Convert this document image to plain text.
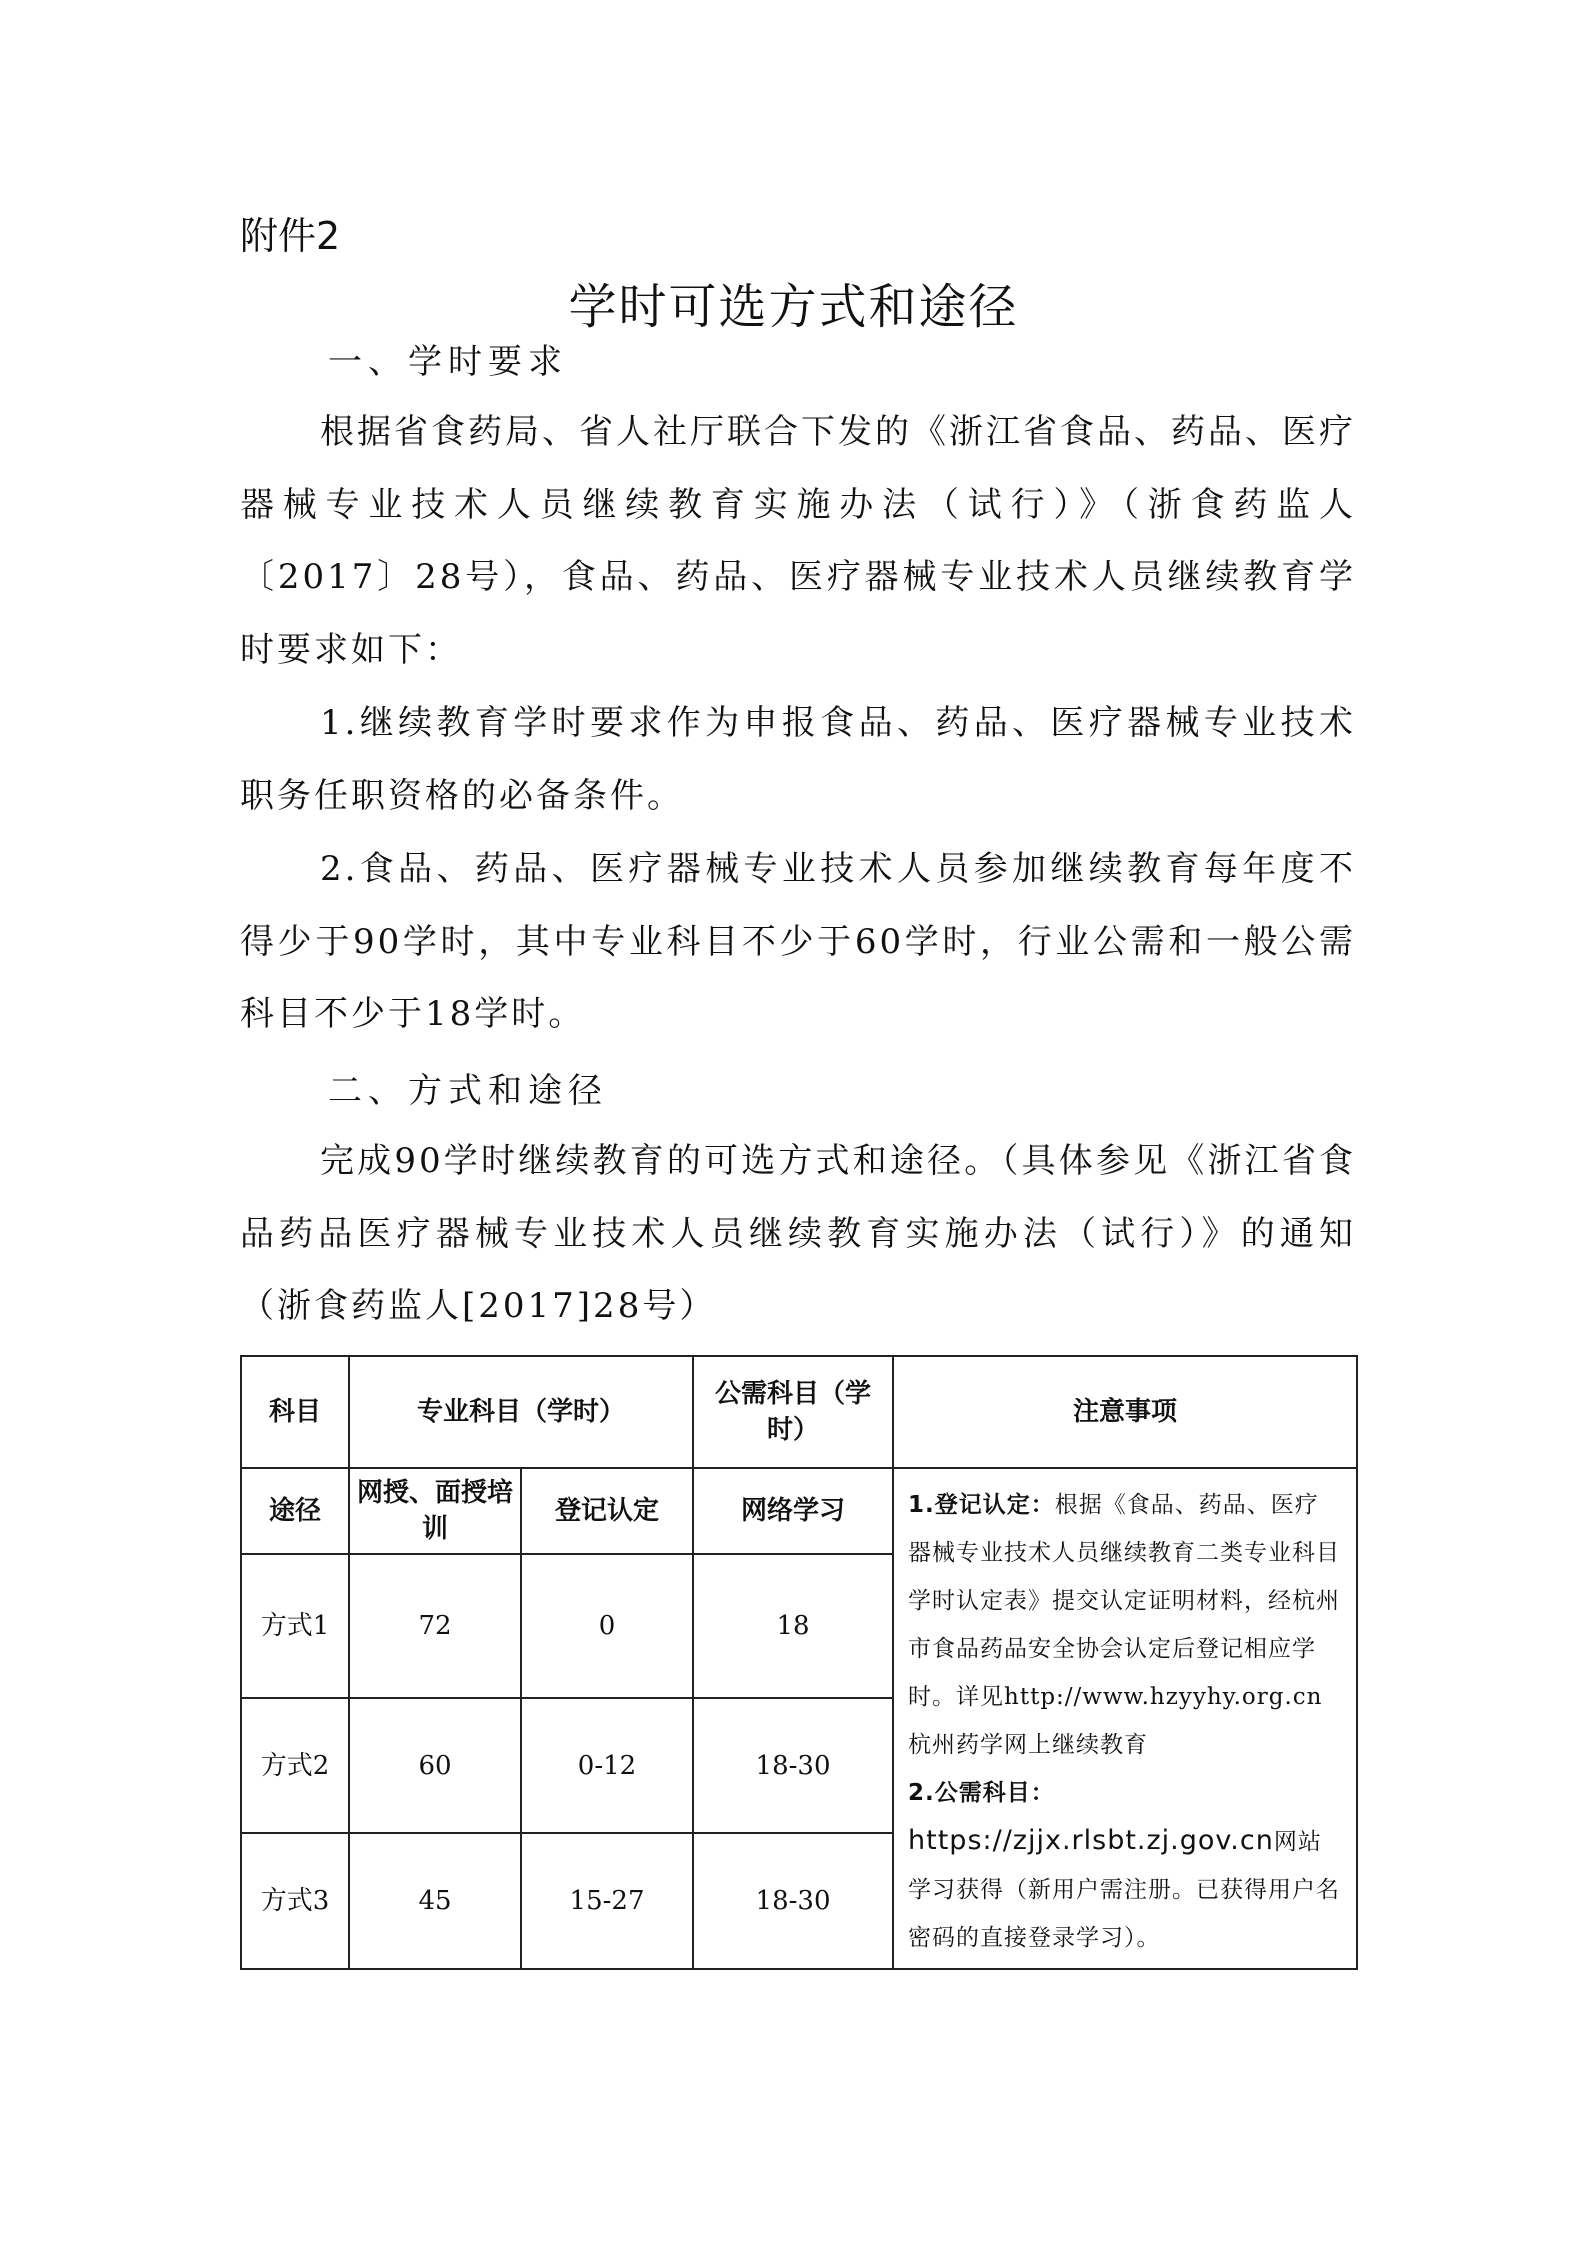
附件2
学时可选方式和途径
一、学时要求

根据省食药局、省人社厅联合下发的《浙江省食品、药品、医疗器械专业技术人员继续教育实施办法（试行）》（浙食药监人〔2017〕28号），食品、药品、医疗器械专业技术人员继续教育学时要求如下：

1.继续教育学时要求作为申报食品、药品、医疗器械专业技术职务任职资格的必备条件。

2.食品、药品、医疗器械专业技术人员参加继续教育每年度不得少于90学时，其中专业科目不少于60学时，行业公需和一般公需科目不少于18学时。

二、方式和途径

完成90学时继续教育的可选方式和途径。（具体参见《浙江省食品药品医疗器械专业技术人员继续教育实施办法（试行）》的通知（浙食药监人[2017]28号）

科目	专业科目（学时）		公需科目（学时）	注意事项
途径	网授、面授培训	登记认定	网络学习	1.登记认定：根据《食品、药品、医疗器械专业技术人员继续教育二类专业科目学时认定表》提交认定证明材料，经杭州市食品药品安全协会认定后登记相应学时。详见http://www.hzyyhy.org.cn杭州药学网上继续教育
2.公需科目：
https://zjjx.rlsbt.zj.gov.cn网站学习获得（新用户需注册。已获得用户名密码的直接登录学习）。
方式1	72	0	18	
方式2	60	0-12	18-30	
方式3	45	15-27	18-30	
